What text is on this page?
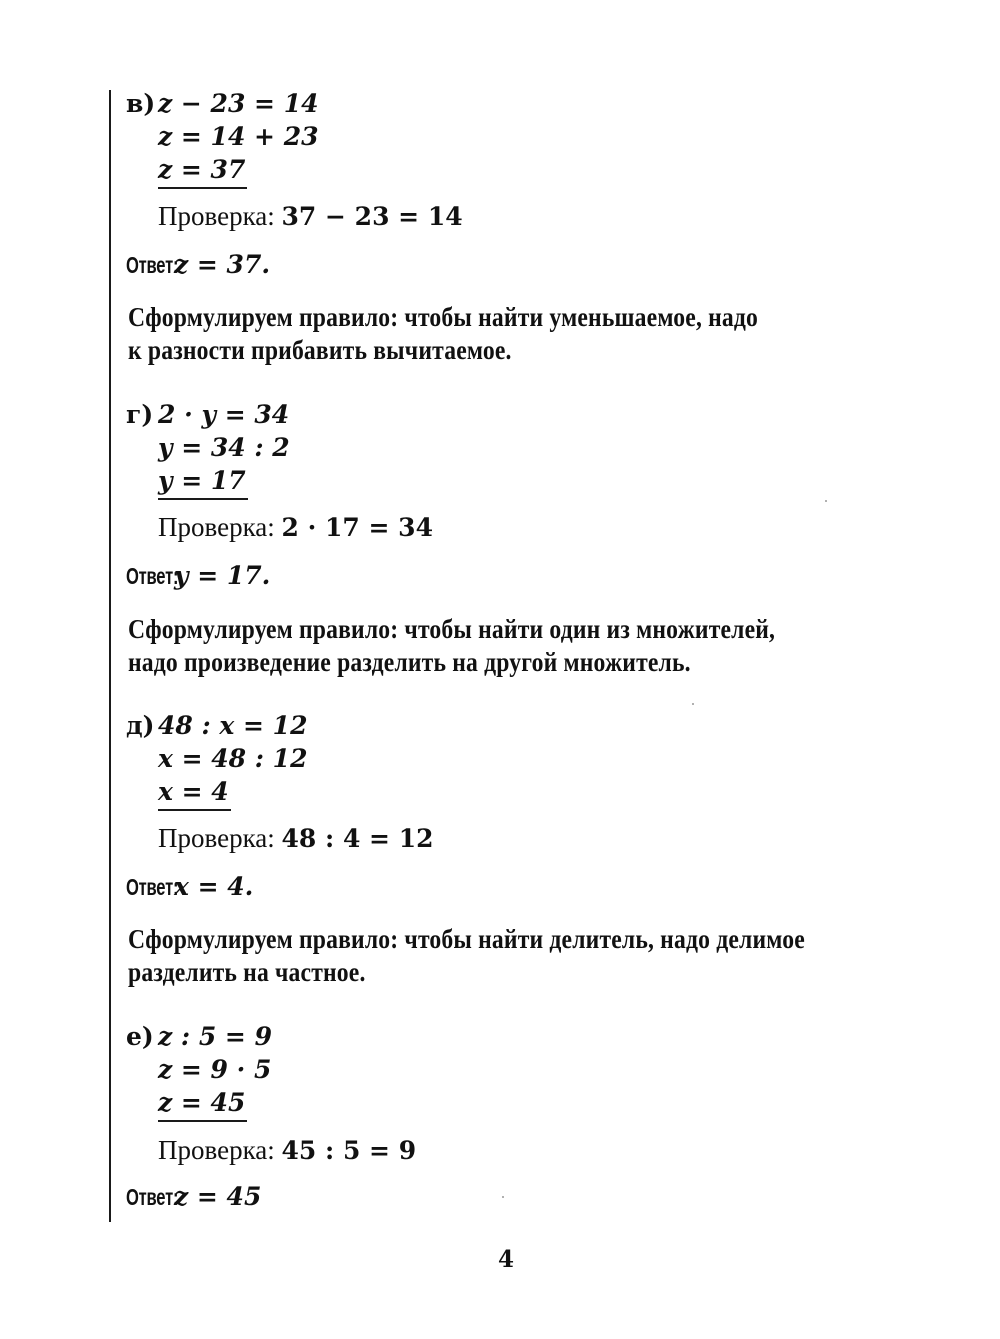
в) z − 23 = 14
z = 14 + 23
z = 37
Проверка: 37 − 23 = 14
Ответ:z = 37.
Сформулируем правило: чтобы найти уменьшаемое, надо
к разности прибавить вычитаемое.
г) 2 · y = 34
y = 34 : 2
y = 17
Проверка: 2 · 17 = 34
Ответ:y = 17.
Сформулируем правило: чтобы найти один из множителей,
надо произведение разделить на другой множитель.
д) 48 : x = 12
x = 48 : 12
x = 4
Проверка: 48 : 4 = 12
Ответ:x = 4.
Сформулируем правило: чтобы найти делитель, надо делимое
разделить на частное.
е) z : 5 = 9
z = 9 · 5
z = 45
Проверка: 45 : 5 = 9
Ответ:z = 45
4
